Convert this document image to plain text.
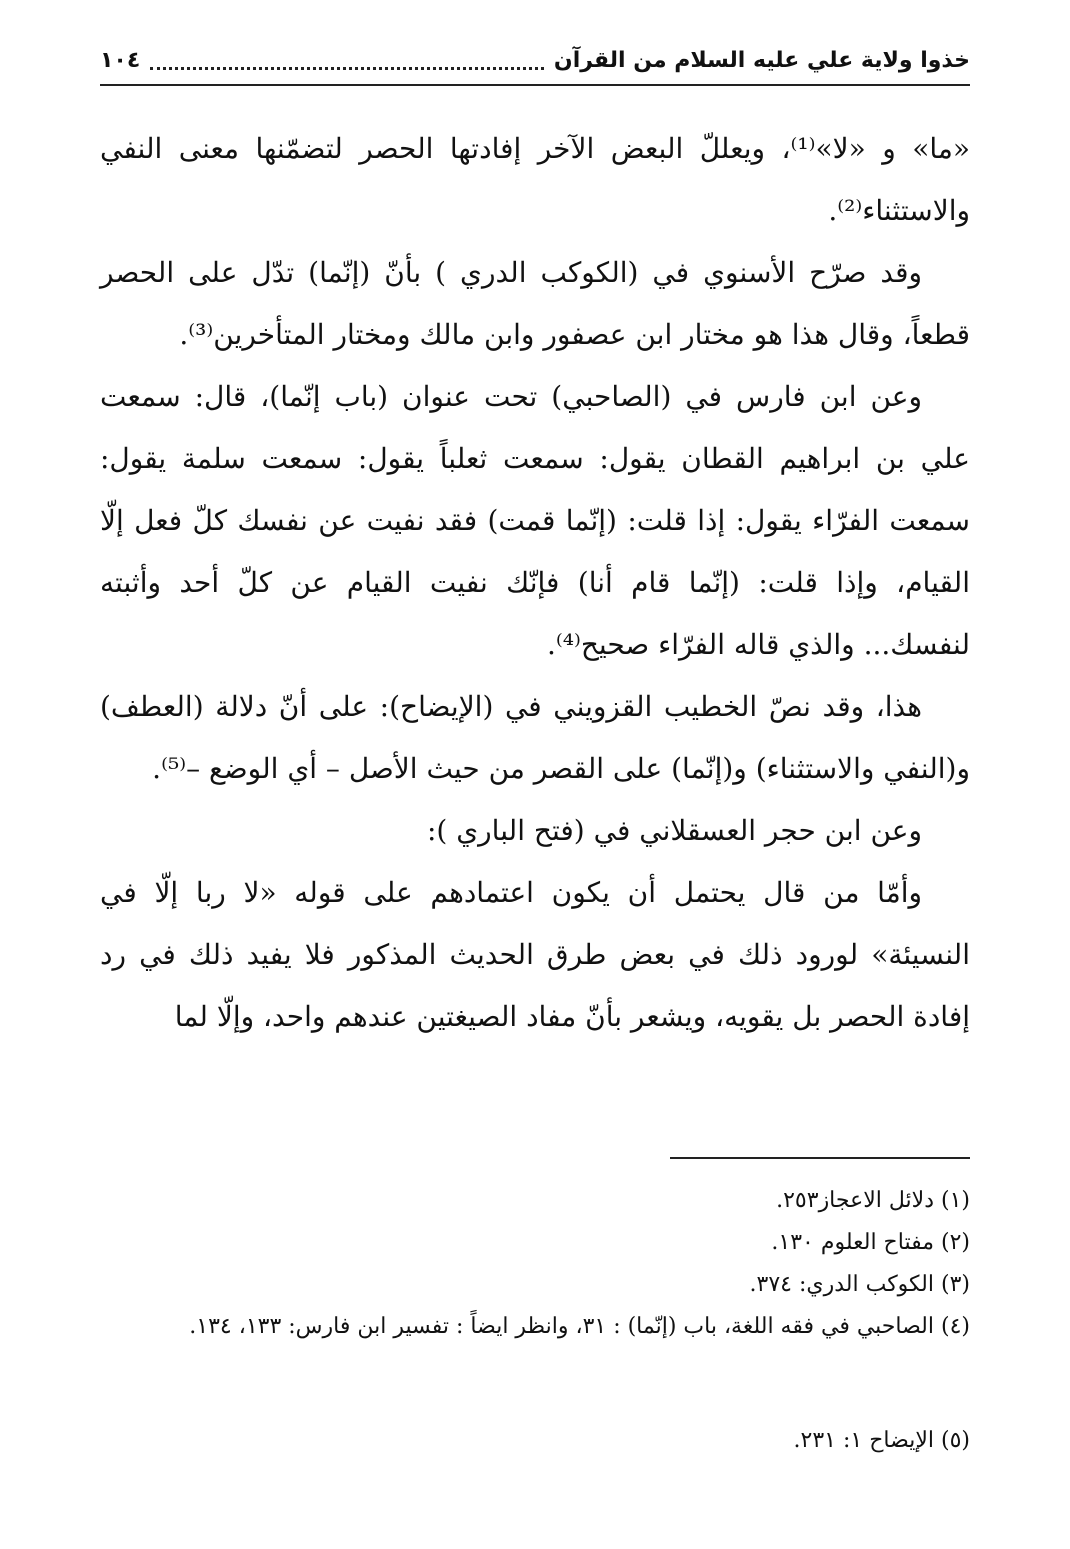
خذوا ولاية علي عليه السلام من القرآن
١٠٤

«ما» و «لا»⁽¹⁾، ويعللّ البعض الآخر إفادتها الحصر لتضمّنها معنى النفي والاستثناء⁽²⁾.

وقد صرّح الأسنوي في (الكوكب الدري ) بأنّ (إنّما) تدّل على الحصر قطعاً، وقال هذا هو مختار ابن عصفور وابن مالك ومختار المتأخرين⁽³⁾.

وعن ابن فارس في (الصاحبي) تحت عنوان (باب إنّما)، قال: سمعت علي بن ابراهيم القطان يقول: سمعت ثعلباً يقول: سمعت سلمة يقول: سمعت الفرّاء يقول: إذا قلت: (إنّما قمت) فقد نفيت عن نفسك كلّ فعل إلّا القيام، وإذا قلت: (إنّما قام أنا) فإنّك نفيت القيام عن كلّ أحد وأثبته لنفسك... والذي قاله الفرّاء صحيح⁽⁴⁾.

هذا، وقد نصّ الخطيب القزويني في (الإيضاح): على أنّ دلالة (العطف) و(النفي والاستثناء) و(إنّما) على القصر من حيث الأصل – أي الوضع –⁽⁵⁾.

وعن ابن حجر العسقلاني في (فتح الباري ):

وأمّا من قال يحتمل أن يكون اعتمادهم على قوله «لا ربا إلّا في النسيئة» لورود ذلك في بعض طرق الحديث المذكور فلا يفيد ذلك في رد إفادة الحصر بل يقويه، ويشعر بأنّ مفاد الصيغتين عندهم واحد، وإلّا لما

(١) دلائل الاعجاز٢٥٣.

(٢) مفتاح العلوم ١٣٠.

(٣) الكوكب الدري: ٣٧٤.

(٤) الصاحبي في فقه اللغة، باب (إنّما) : ٣١، وانظر ايضاً : تفسير ابن فارس: ١٣٣، ١٣٤.

(٥) الإيضاح ١: ٢٣١.
